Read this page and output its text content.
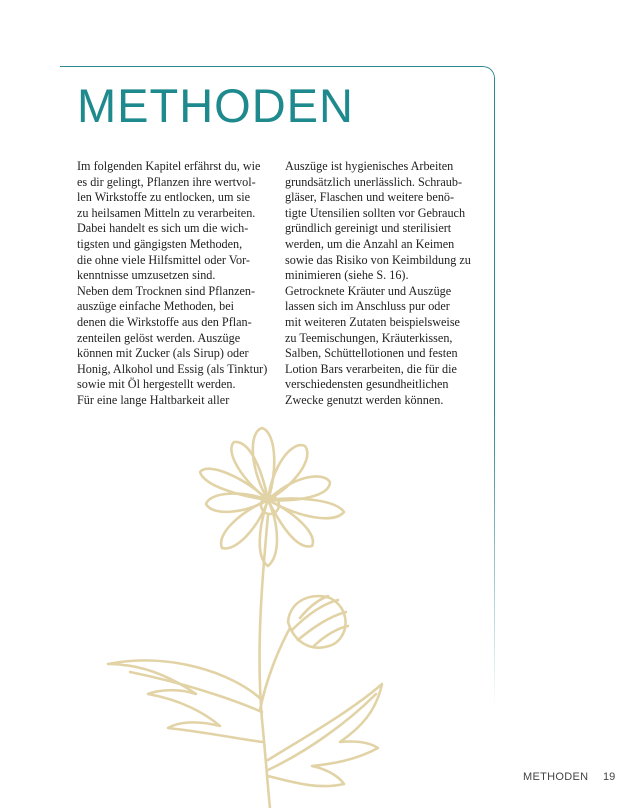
METHODEN

Im folgenden Kapitel erfährst du, wie

es dir gelingt, Pflanzen ihre wertvol-

len Wirkstoffe zu entlocken, um sie

zu heilsamen Mitteln zu verarbeiten.

Dabei handelt es sich um die wich-

tigsten und gängigsten Methoden,

die ohne viele Hilfsmittel oder Vor-

kenntnisse umzusetzen sind.

Neben dem Trocknen sind Pflanzen-

auszüge einfache Methoden, bei

denen die Wirkstoffe aus den Pflan-

zenteilen gelöst werden. Auszüge

können mit Zucker (als Sirup) oder

Honig, Alkohol und Essig (als Tinktur)

sowie mit Öl hergestellt werden.

Für eine lange Haltbarkeit aller

Auszüge ist hygienisches Arbeiten

grundsätzlich unerlässlich. Schraub-

gläser, Flaschen und weitere benö-

tigte Utensilien sollten vor Gebrauch

gründlich gereinigt und sterilisiert

werden, um die Anzahl an Keimen

sowie das Risiko von Keimbildung zu

minimieren (siehe S. 16).

Getrocknete Kräuter und Auszüge

lassen sich im Anschluss pur oder

mit weiteren Zutaten beispielsweise

zu Teemischungen, Kräuterkissen,

Salben, Schüttellotionen und festen

Lotion Bars verarbeiten, die für die

verschiedensten gesundheitlichen

Zwecke genutzt werden können.

METHODEN 19
